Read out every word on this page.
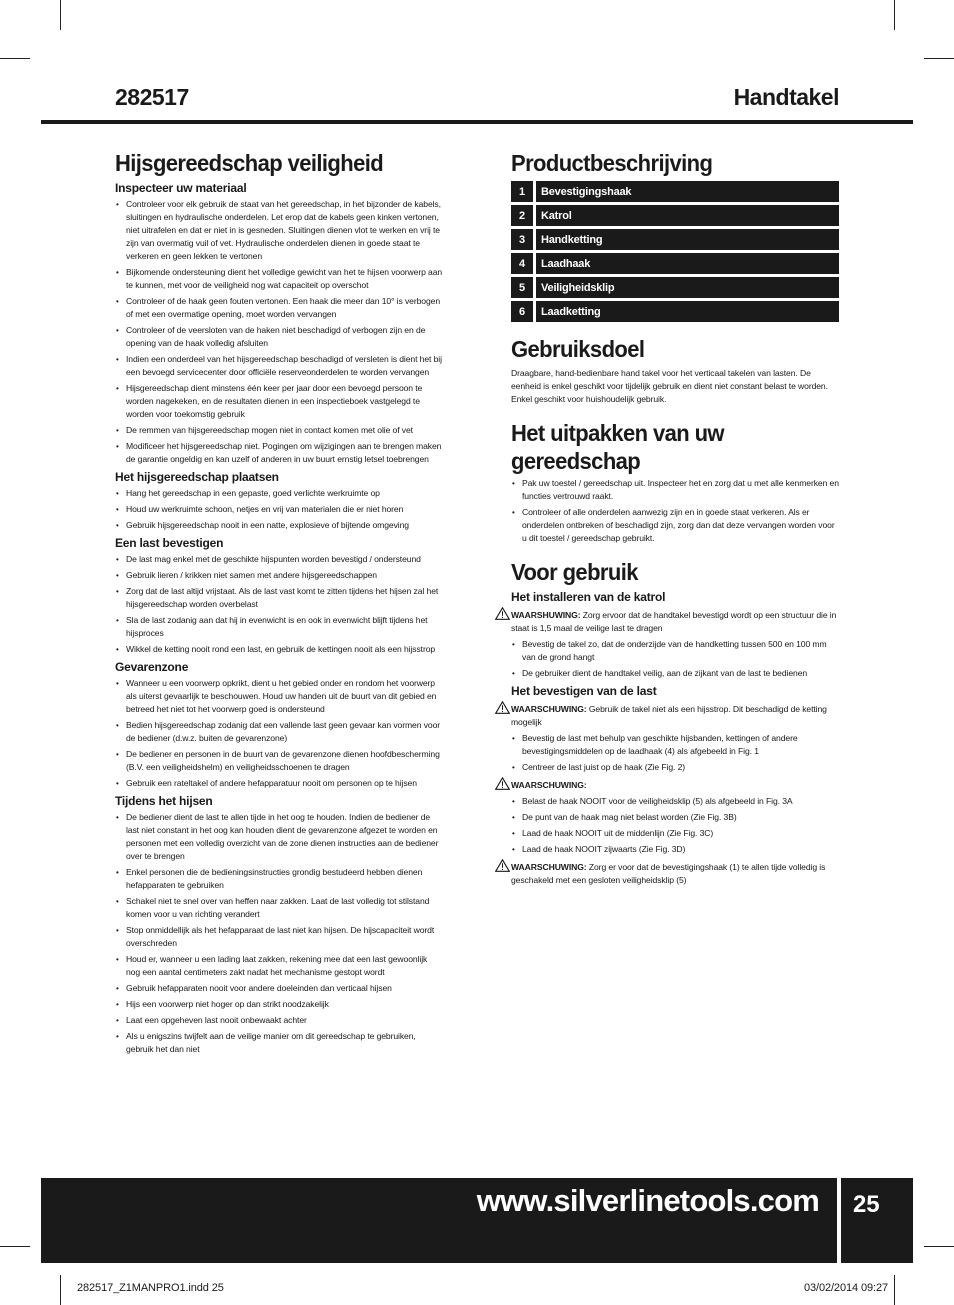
282517	Handtakel
Hijsgereedschap veiligheid
Inspecteer uw materiaal
• Controleer voor elk gebruik de staat van het gereedschap, in het bijzonder de kabels, sluitingen en hydraulische onderdelen. Let erop dat de kabels geen kinken vertonen, niet uitrafelen en dat er niet in is gesneden. Sluitingen dienen vlot te werken en vrij te zijn van overmatig vuil of vet. Hydraulische onderdelen dienen in goede staat te verkeren en geen lekken te vertonen
• Bijkomende ondersteuning dient het volledige gewicht van het te hijsen voorwerp aan te kunnen, met voor de veiligheid nog wat capaciteit op overschot
• Controleer of de haak geen fouten vertonen. Een haak die meer dan 10° is verbogen of met een overmatige opening, moet worden vervangen
• Controleer of de veersloten van de haken niet beschadigd of verbogen zijn en de opening van de haak volledig afsluiten
• Indien een onderdeel van het hijsgereedschap beschadigd of versleten is dient het bij een bevoegd servicecenter door officiële reserveonderdelen te worden vervangen
• Hijsgereedschap dient minstens één keer per jaar door een bevoegd persoon te worden nagekeken, en de resultaten dienen in een inspectieboek vastgelegd te worden voor toekomstig gebruik
• De remmen van hijsgereedschap mogen niet in contact komen met olie of vet
• Modificeer het hijsgereedschap niet. Pogingen om wijzigingen aan te brengen maken de garantie ongeldig en kan uzelf of anderen in uw buurt ernstig letsel toebrengen
Het hijsgereedschap plaatsen
• Hang het gereedschap in een gepaste, goed verlichte werkruimte op
• Houd uw werkruimte schoon, netjes en vrij van materialen die er niet horen
• Gebruik hijsgereedschap nooit in een natte, explosieve of bijtende omgeving
Een last bevestigen
• De last mag enkel met de geschikte hijspunten worden bevestigd / ondersteund
• Gebruik lieren / krikken niet samen met andere hijsgereedschappen
• Zorg dat de last altijd vrijstaat. Als de last vast komt te zitten tijdens het hijsen zal het hijsgereedschap worden overbelast
• Sla de last zodanig aan dat hij in evenwicht is en ook in evenwicht blijft tijdens het hijsproces
• Wikkel de ketting nooit rond een last, en gebruik de kettingen nooit als een hijsstrop
Gevarenzone
• Wanneer u een voorwerp opkrikt, dient u het gebied onder en rondom het voorwerp als uiterst gevaarlijk te beschouwen. Houd uw handen uit de buurt van dit gebied en betreed het niet tot het voorwerp goed is ondersteund
• Bedien hijsgereedschap zodanig dat een vallende last geen gevaar kan vormen voor de bediener (d.w.z. buiten de gevarenzone)
• De bediener en personen in de buurt van de gevarenzone dienen hoofdbescherming (B.V. een veiligheidshelm) en veiligheidsschoenen te dragen
• Gebruik een rateltakel of andere hefapparatuur nooit om personen op te hijsen
Tijdens het hijsen
• De bediener dient de last te allen tijde in het oog te houden. Indien de bediener de last niet constant in het oog kan houden dient de gevarenzone afgezet te worden en personen met een volledig overzicht van de zone dienen instructies aan de bediener over te brengen
• Enkel personen die de bedieningsinstructies grondig bestudeerd hebben dienen hefapparaten te gebruiken
• Schakel niet te snel over van heffen naar zakken. Laat de last volledig tot stilstand komen voor u van richting verandert
• Stop onmiddellijk als het hefapparaat de last niet kan hijsen. De hijscapaciteit wordt overschreden
• Houd er, wanneer u een lading laat zakken, rekening mee dat een last gewoonlijk nog een aantal centimeters zakt nadat het mechanisme gestopt wordt
• Gebruik hefapparaten nooit voor andere doeleinden dan verticaal hijsen
• Hijs een voorwerp niet hoger op dan strikt noodzakelijk
• Laat een opgeheven last nooit onbewaakt achter
• Als u enigszins twijfelt aan de veilige manier om dit gereedschap te gebruiken, gebruik het dan niet
Productbeschrijving
1	Bevestigingshaak
2	Katrol
3	Handketting
4	Laadhaak
5	Veiligheidsklip
6	Laadketting
Gebruiksdoel

Draagbare, hand-bedienbare hand takel voor het verticaal takelen van lasten. De eenheid is enkel geschikt voor tijdelijk gebruik en dient niet constant belast te worden. Enkel geschikt voor huishoudelijk gebruik.

Het uitpakken van uw gereedschap
• Pak uw toestel / gereedschap uit. Inspecteer het en zorg dat u met alle kenmerken en functies vertrouwd raakt.
• Controleer of alle onderdelen aanwezig zijn en in goede staat verkeren. Als er onderdelen ontbreken of beschadigd zijn, zorg dan dat deze vervangen worden voor u dit toestel / gereedschap gebruikt.
Voor gebruik
Het installeren van de katrol

WAARSHUWING: Zorg ervoor dat de handtakel bevestigd wordt op een structuur die in staat is 1,5 maal de veilige last te dragen

• Bevestig de takel zo, dat de onderzijde van de handketting tussen 500 en 100 mm van de grond hangt
• De gebruiker dient de handtakel veilig, aan de zijkant van de last te bedienen
Het bevestigen van de last

WAARSCHUWING: Gebruik de takel niet als een hijsstrop. Dit beschadigd de ketting mogelijk

• Bevestig de last met behulp van geschikte hijsbanden, kettingen of andere bevestigingsmiddelen op de laadhaak (4) als afgebeeld in Fig. 1
• Centreer de last juist op de haak (Zie Fig. 2)

WAARSCHUWING:

• Belast de haak NOOIT voor de veiligheidsklip (5) als afgebeeld in Fig. 3A
• De punt van de haak mag niet belast worden (Zie Fig. 3B)
• Laad de haak NOOIT uit de middenlijn (Zie Fig. 3C)
• Laad de haak NOOIT zijwaarts (Zie Fig. 3D)

WAARSCHUWING: Zorg er voor dat de bevestigingshaak (1) te allen tijde volledig is geschakeld met een gesloten veiligheidsklip (5)

www.silverlinetools.com 25

282517_Z1MANPRO1.indd 25	03/02/2014 09:27
